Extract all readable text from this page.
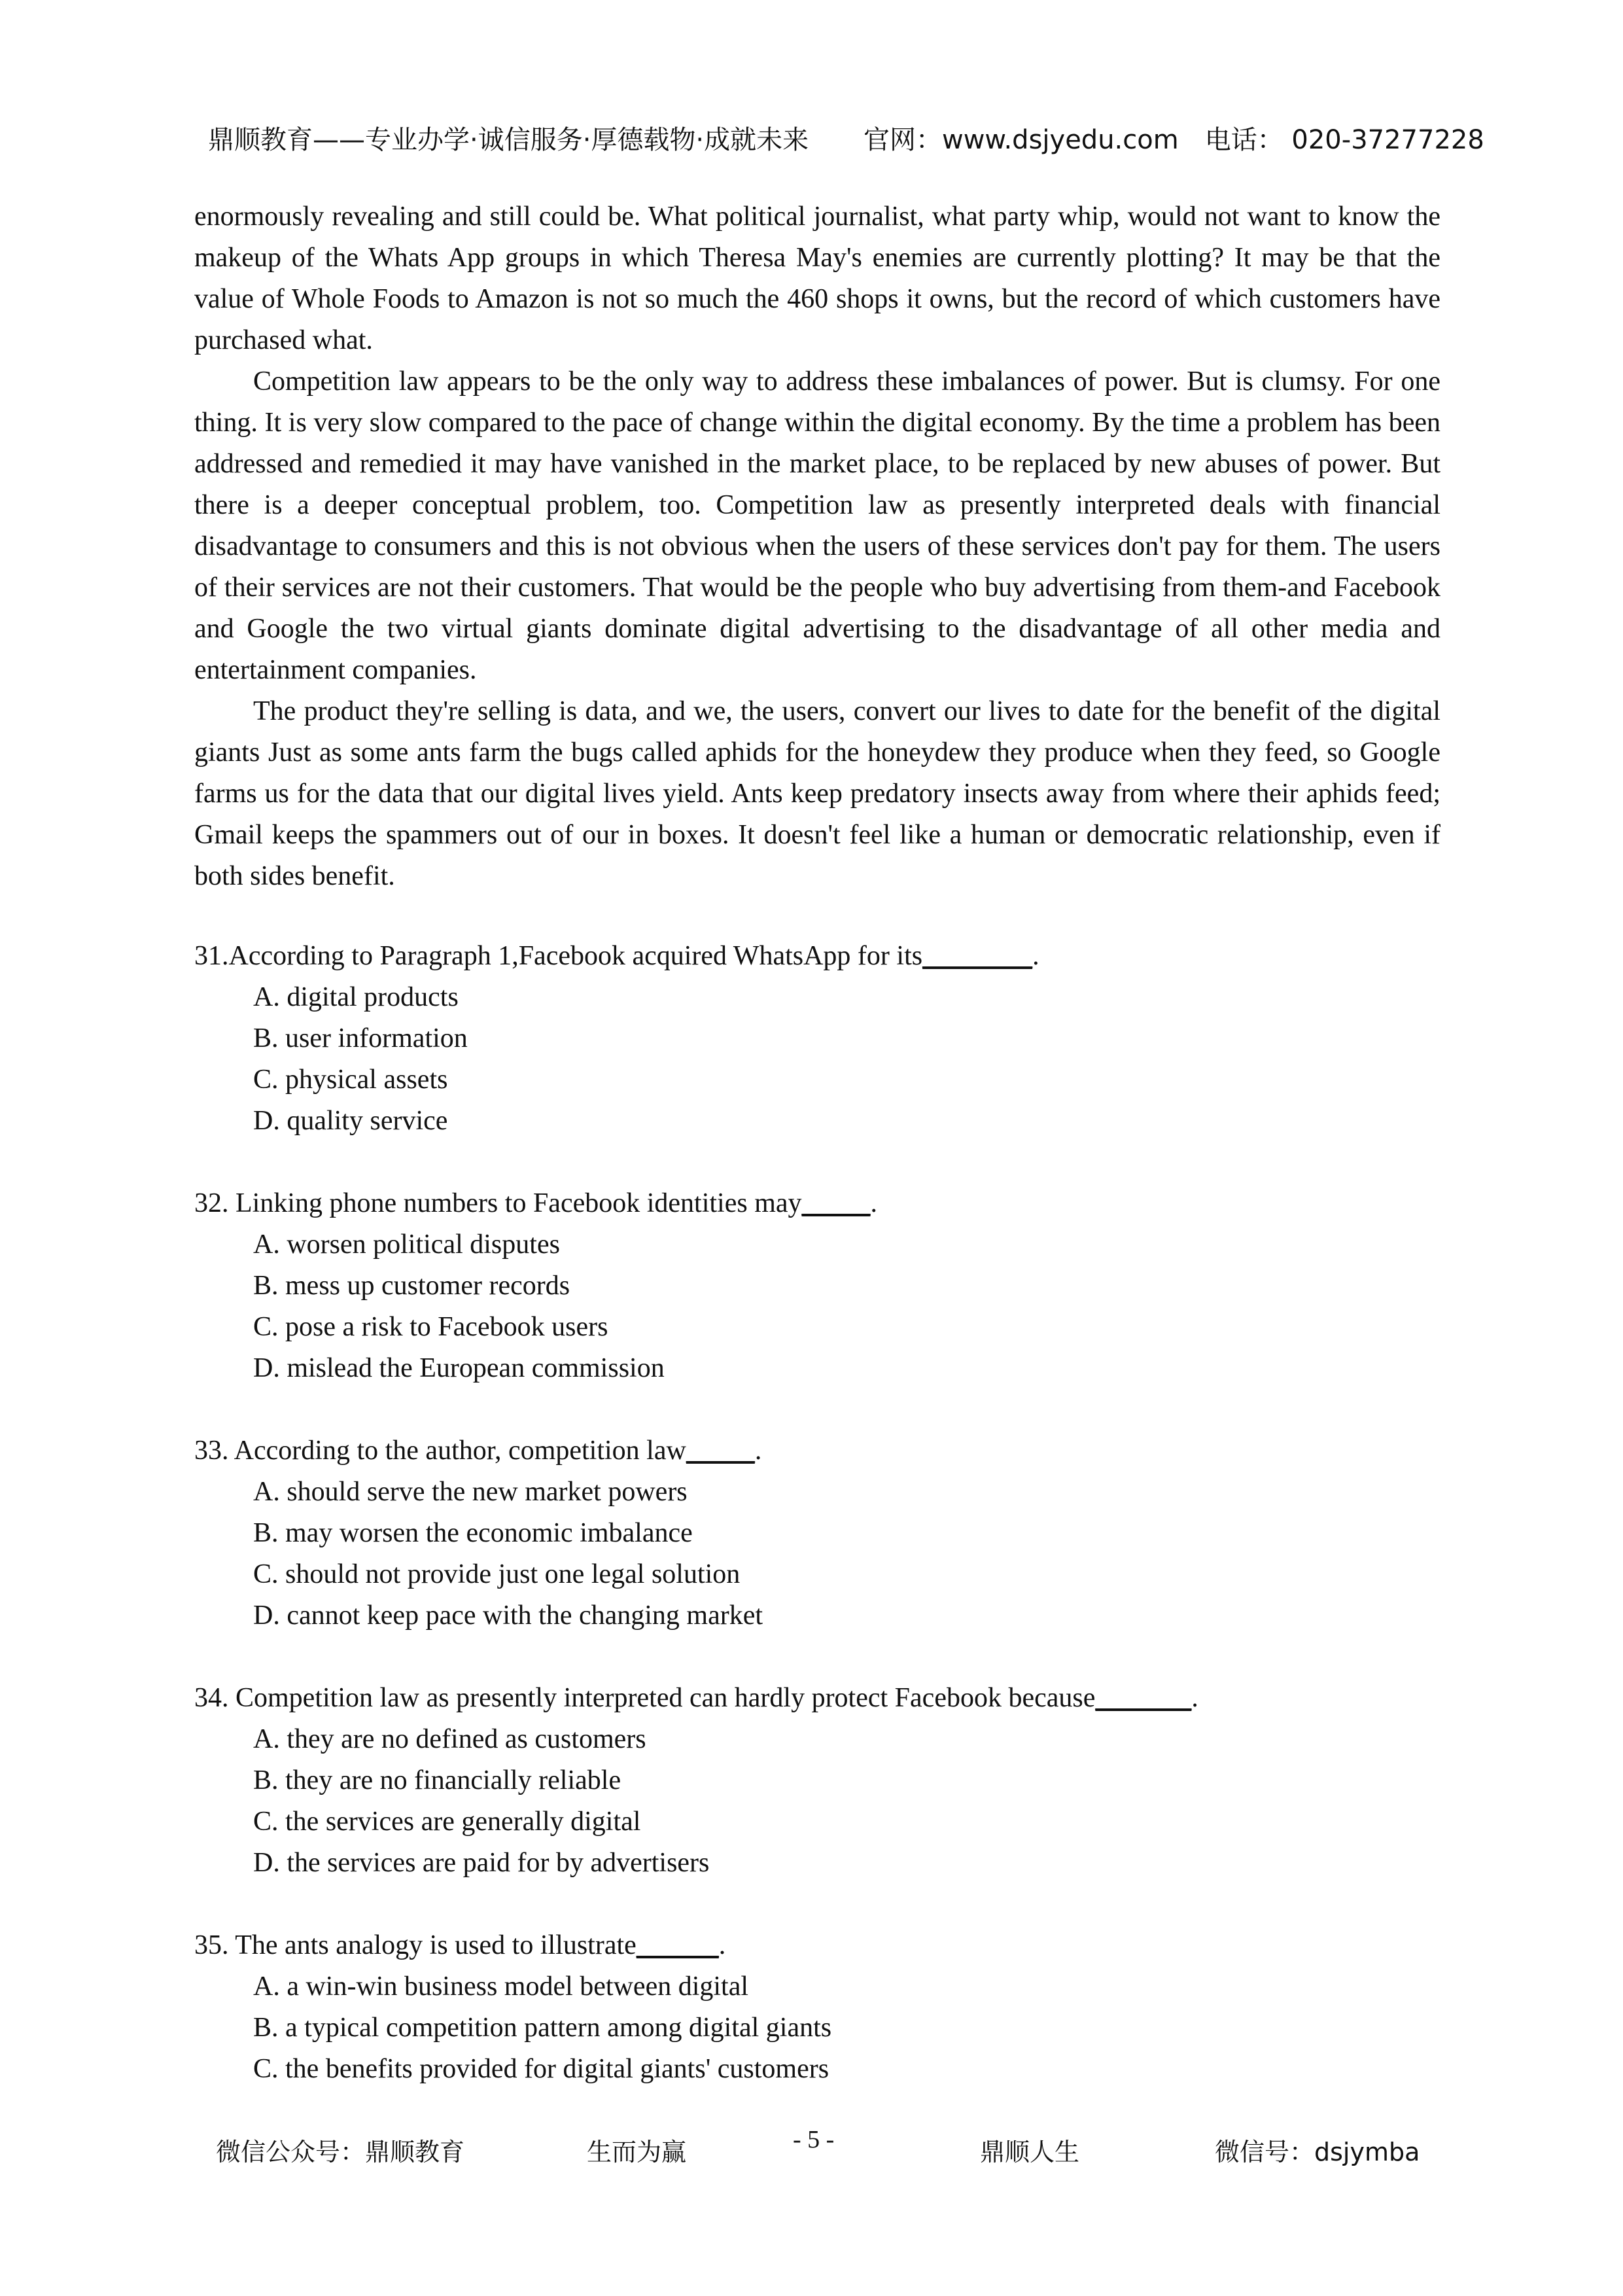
鼎顺教育——专业办学·诚信服务·厚德载物·成就未来 官网：www.dsjyedu.com　电话： 020-37277228

enormously revealing and still could be. What political journalist, what party whip, would not want to know the makeup of the Whats App groups in which Theresa May's enemies are currently plotting? It may be that the value of Whole Foods to Amazon is not so much the 460 shops it owns, but the record of which customers have purchased what.

Competition law appears to be the only way to address these imbalances of power. But is clumsy. For one thing. It is very slow compared to the pace of change within the digital economy. By the time a problem has been addressed and remedied it may have vanished in the market place, to be replaced by new abuses of power. But there is a deeper conceptual problem, too. Competition law as presently interpreted deals with financial disadvantage to consumers and this is not obvious when the users of these services don't pay for them. The users of their services are not their customers. That would be the people who buy advertising from them-and Facebook and Google the two virtual giants dominate digital advertising to the disadvantage of all other media and entertainment companies.

The product they're selling is data, and we, the users, convert our lives to date for the benefit of the digital giants Just as some ants farm the bugs called aphids for the honeydew they produce when they feed, so Google farms us for the data that our digital lives yield. Ants keep predatory insects away from where their aphids feed; Gmail keeps the spammers out of our in boxes. It doesn't feel like a human or democratic relationship, even if both sides benefit.

31.According to Paragraph 1,Facebook acquired WhatsApp for its________.

A. digital products

B. user information

C. physical assets

D. quality service

32. Linking phone numbers to Facebook identities may_____.

A. worsen political disputes

B. mess up customer records

C. pose a risk to Facebook users

D. mislead the European commission

33. According to the author, competition law_____.

A. should serve the new market powers

B. may worsen the economic imbalance

C. should not provide just one legal solution

D. cannot keep pace with the changing market

34. Competition law as presently interpreted can hardly protect Facebook because_______.

A. they are no defined as customers

B. they are no financially reliable

C. the services are generally digital

D. the services are paid for by advertisers

35. The ants analogy is used to illustrate______.

A. a win-win business model between digital

B. a typical competition pattern among digital giants

C. the benefits provided for digital giants' customers

微信公众号：鼎顺教育	生而为赢	- 5 -	鼎顺人生	微信号：dsjymba
